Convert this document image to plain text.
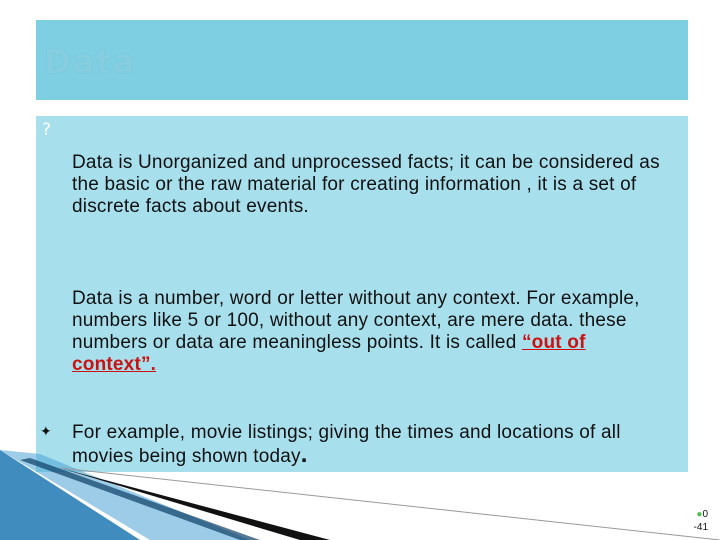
Data
?

Data is Unorganized and unprocessed facts; it can be considered as the basic or the raw material for creating information , it is a set of discrete facts about events.

Data is a number, word or letter without any context. For example, numbers like 5 or 100, without any context, are mere data. these numbers or data are meaningless points. It is called “out of context”.

✦ For example, movie listings; giving the times and locations of all movies being shown today.

●0
-41
